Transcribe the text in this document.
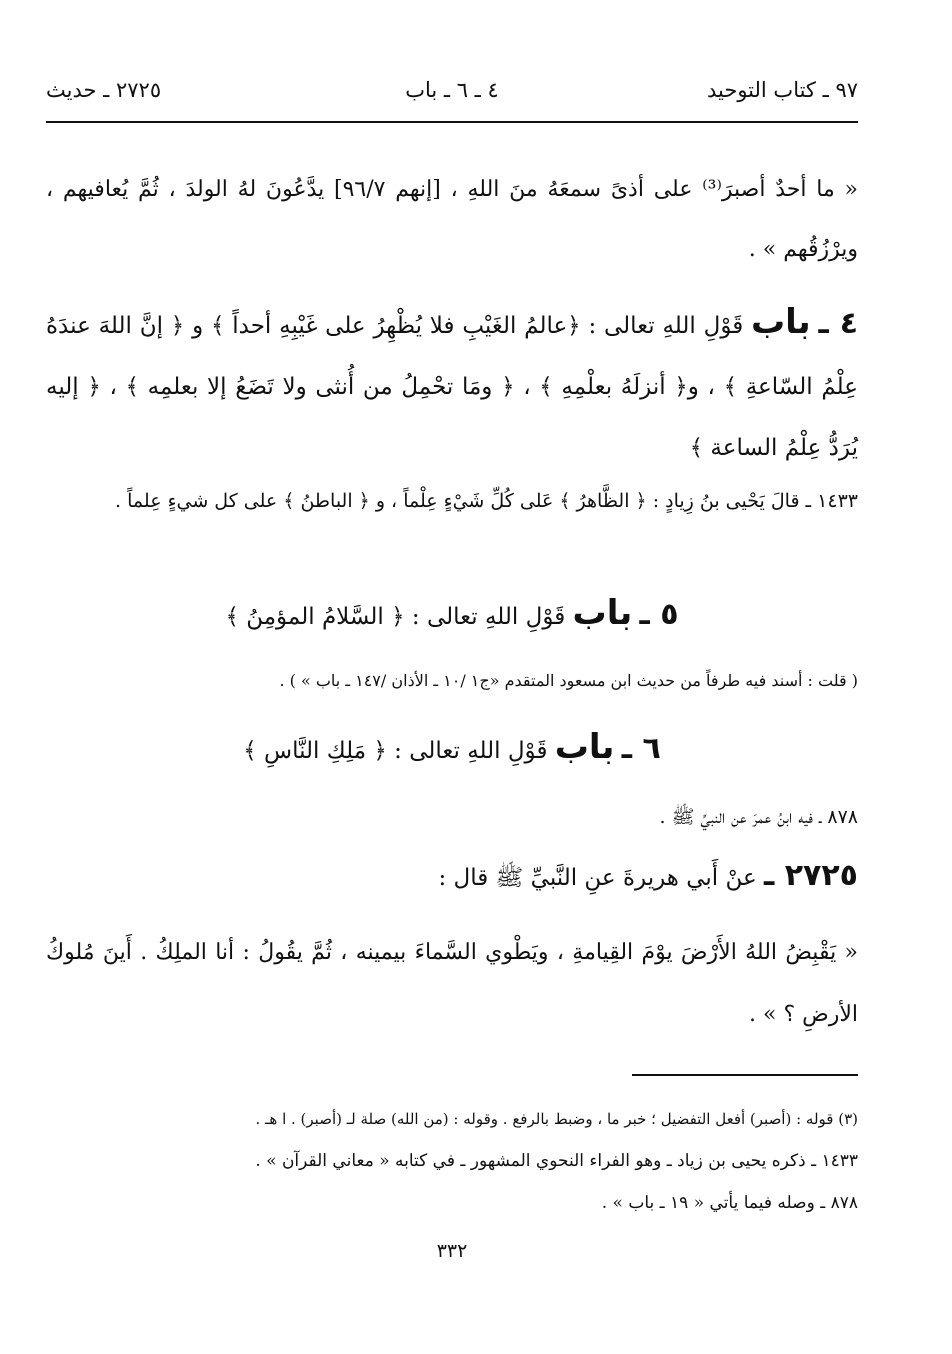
٩٧ ـ كتاب التوحيد
٤ ـ ٦ ـ باب
٢٧٢٥ ـ حديث
« ما أحدٌ أصبرَ⁽³⁾ على أذىً سمعَهُ منَ اللهِ ، [إنهم ٩٦/٧] يدَّعُونَ لهُ الولدَ ، ثُمَّ يُعافيهم ، ويرْزُقُهم » .
٤ ـ باب قَوْلِ اللهِ تعالى : ﴿عالمُ الغَيْبِ فلا يُظْهِرُ على غَيْبِهِ أحداً ﴾ و ﴿ إنَّ اللهَ عندَهُ عِلْمُ السّاعةِ ﴾ ، و﴿ أنزلَهُ بعلْمِهِ ﴾ ، ﴿ ومَا تحْمِلُ من أُنثى ولا تَضَعُ إلا بعلمِه ﴾ ، ﴿ إليه يُرَدُّ عِلْمُ الساعة ﴾
١٤٣٣ ـ قالَ يَحْيى بنُ زِيادٍ : ﴿ الظَّاهرُ ﴾ عَلى كُلِّ شَيْءٍ عِلْماً ، و ﴿ الباطنُ ﴾ على كل شيءٍ عِلماً .
٥ ـ باب قَوْلِ اللهِ تعالى : ﴿ السَّلامُ المؤمِنُ ﴾
( قلت : أسند فيه طرفاً من حديث ابن مسعود المتقدم «ج١ /١٠ ـ الأذان /١٤٧ ـ باب » ) .
٦ ـ باب قَوْلِ اللهِ تعالى : ﴿ مَلِكِ النَّاسِ ﴾
٨٧٨ ـ فيه ابنُ عمرَ عن النبيِّ ﷺ .
٢٧٢٥ ـ عنْ أَبي هريرةَ عنِ النَّبيِّ ﷺ قال :
« يَقْبِضُ اللهُ الأَرْضَ يوْمَ القِيامةِ ، ويَطْوي السَّماءَ بيمينه ، ثُمَّ يقُولُ : أنا الملِكُ . أَينَ مُلوكُ الأرضِ ؟ » .
(٣) قوله : (أصبر) أفعل التفضيل ؛ خبر ما ، وضبط بالرفع . وقوله : (من الله) صلة لـ (أصبر) . ا هـ .
١٤٣٣ ـ ذكره يحيى بن زياد ـ وهو الفراء النحوي المشهور ـ في كتابه « معاني القرآن » .
٨٧٨ ـ وصله فيما يأتي « ١٩ ـ باب » .
٣٣٢
